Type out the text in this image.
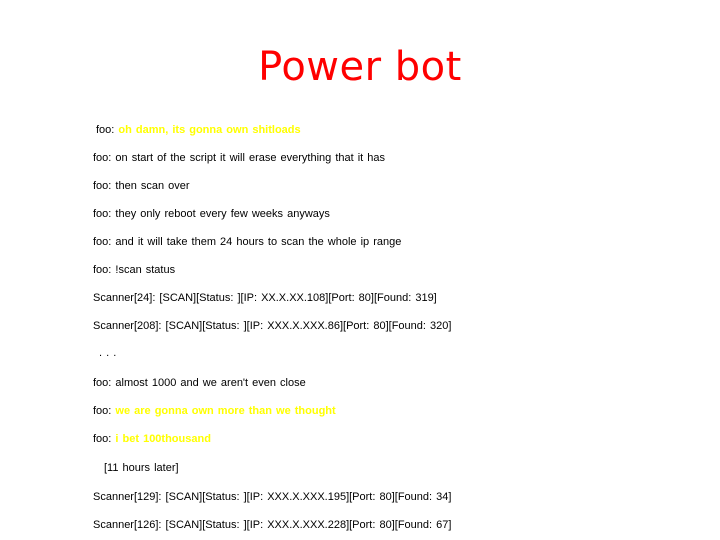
Power bot
foo: oh damn, its gonna own shitloads
foo: on start of the script it will erase everything that it has
foo: then scan over
foo: they only reboot every few weeks anyways
foo: and it will take them 24 hours to scan the whole ip range
foo: !scan status
Scanner[24]: [SCAN][Status: ][IP: XX.X.XX.108][Port: 80][Found: 319]
Scanner[208]: [SCAN][Status: ][IP: XXX.X.XXX.86][Port: 80][Found: 320]
. . .
foo: almost 1000 and we aren't even close
foo: we are gonna own more than we thought
foo: i bet 100thousand
[11 hours later]
Scanner[129]: [SCAN][Status: ][IP: XXX.X.XXX.195][Port: 80][Found: 34]
Scanner[126]: [SCAN][Status: ][IP: XXX.X.XXX.228][Port: 80][Found: 67]
